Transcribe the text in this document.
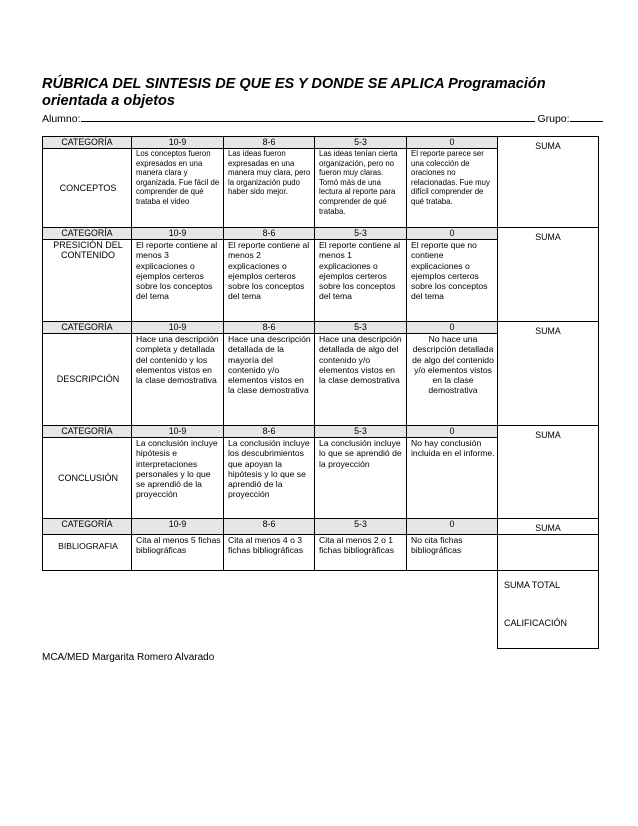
RÚBRICA DEL SINTESIS DE QUE ES Y DONDE SE APLICA Programación orientada a objetos
Alumno:	Grupo:
CATEGORÍA	10-9	8-6	5-3	0	SUMA
CONCEPTOS	Los conceptos fueron expresados en una manera clara y organizada. Fue fácil de comprender de qué trataba el video	Las ideas fueron expresadas en una manera muy clara, pero la organización pudo haber sido mejor.	Las ideas tenían cierta organización, pero no fueron muy claras. Tomó más de una lectura al reporte para comprender de qué trataba.	El reporte parece ser una colección de oraciones no relacionadas. Fue muy difícil comprender de qué trataba.	
CATEGORÍA	10-9	8-6	5-3	0	SUMA
PRESICIÓN DEL CONTENIDO	El reporte contiene al menos 3 explicaciones o ejemplos certeros sobre los conceptos del tema	El reporte contiene al menos 2 explicaciones o ejemplos certeros sobre los conceptos del tema	El reporte contiene al menos 1 explicaciones o ejemplos certeros sobre los conceptos del tema	El reporte que no contiene explicaciones o ejemplos certeros sobre los conceptos del tema	
CATEGORÍA	10-9	8-6	5-3	0	SUMA
DESCRIPCIÓN	Hace una descripción completa y detallada del contenido y los elementos vistos en la clase demostrativa	Hace una descripción detallada de la mayoría del contenido y/o elementos vistos en la clase demostrativa	Hace una descripción detallada de algo del contenido y/o elementos vistos en la clase demostrativa	No hace una descripción detallada de algo del contenido y/o elementos vistos en la clase demostrativa	
CATEGORÍA	10-9	8-6	5-3	0	SUMA
CONCLUSIÓN	La conclusión incluye hipótesis e interpretaciones personales y lo que se aprendió de la proyección	La conclusión incluye los descubrimientos que apoyan la hipótesis y lo que se aprendió de la proyección	La conclusión incluye lo que se aprendió de la proyección	No hay conclusión incluida en el informe.	
CATEGORÍA	10-9	8-6	5-3	0	SUMA
BIBLIOGRAFIA	Cita al menos 5 fichas bibliográficas	Cita al menos 4 o 3 fichas bibliográficas	Cita al menos 2 o 1 fichas bibliográficas	No cita fichas bibliográficas	
SUMA TOTAL
CALIFICACIÓN
MCA/MED Margarita Romero Alvarado
